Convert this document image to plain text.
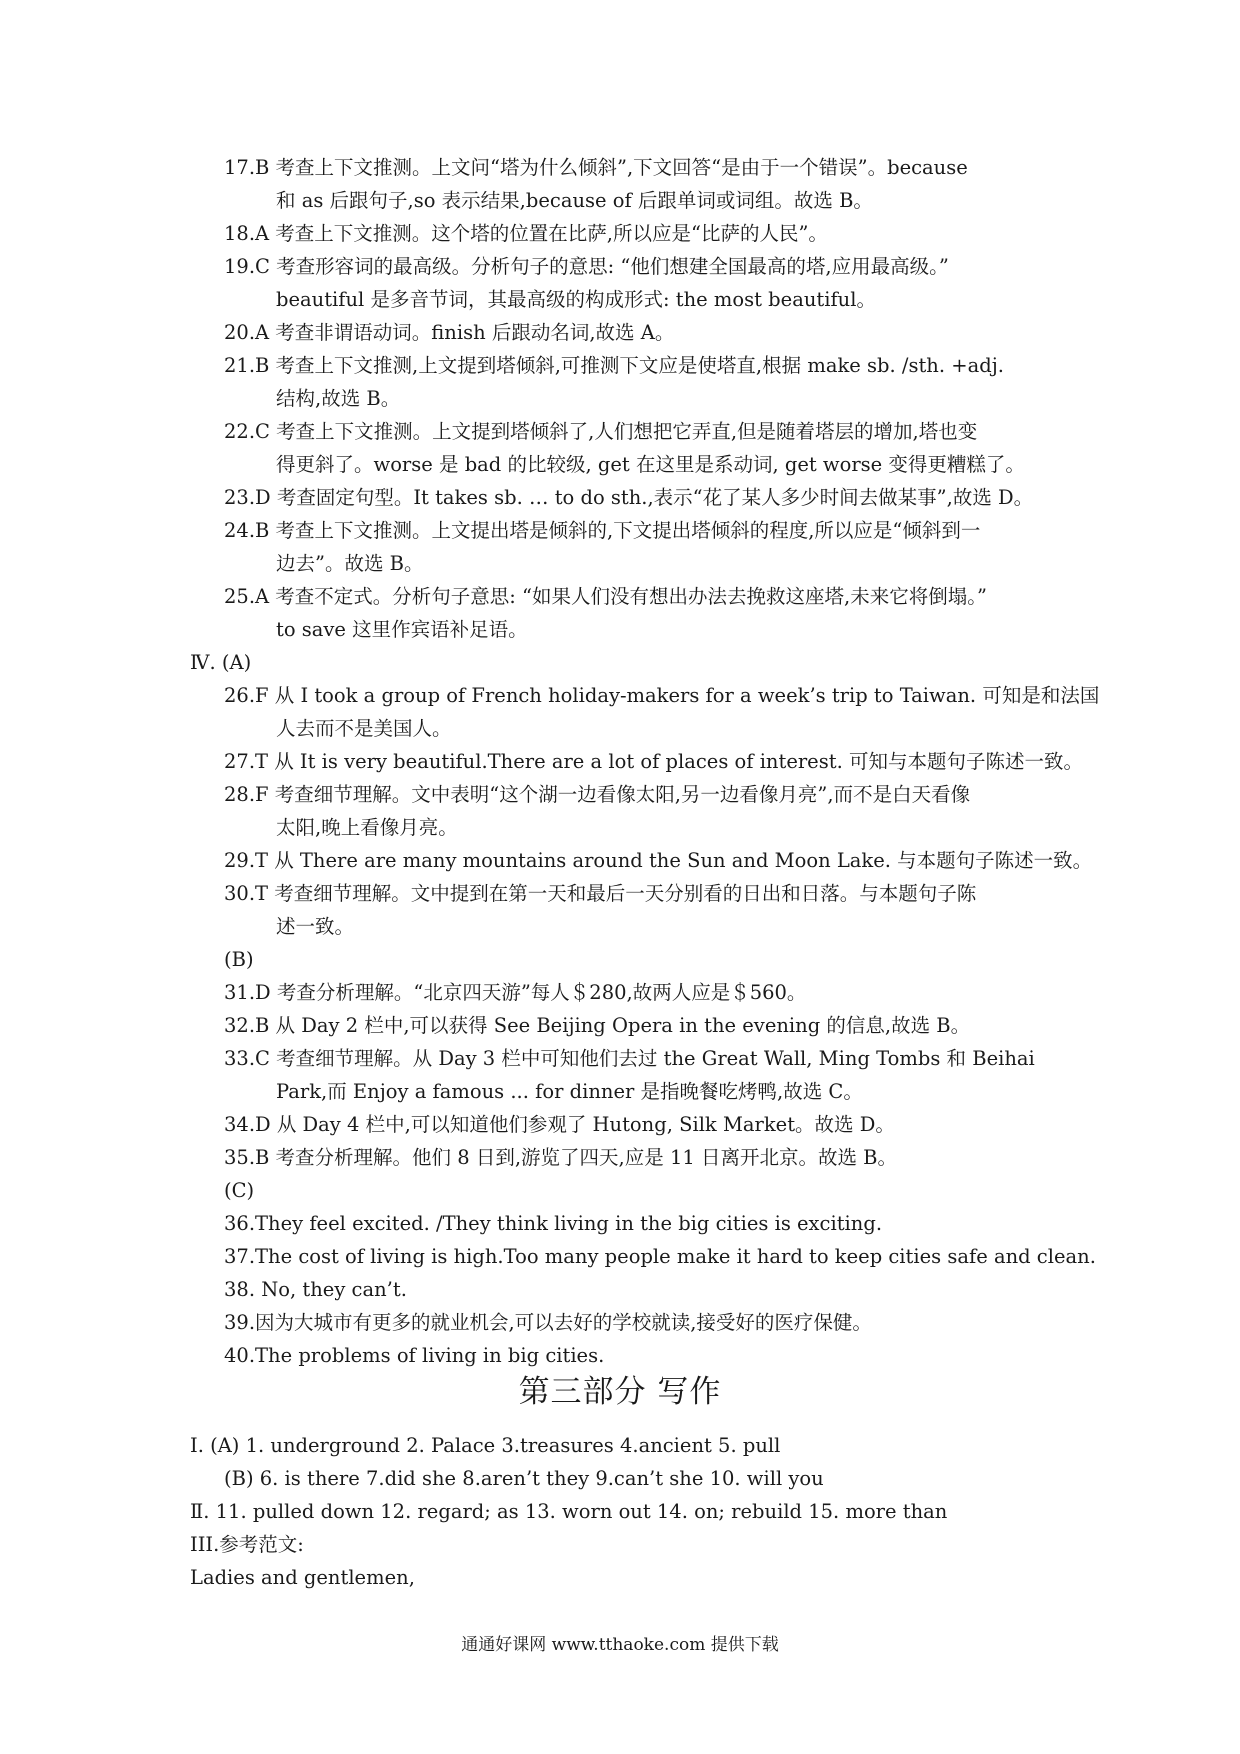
17.B 考查上下文推测。上文问“塔为什么倾斜”,下文回答“是由于一个错误”。because
和 as 后跟句子,so 表示结果,because of 后跟单词或词组。故选 B。
18.A 考查上下文推测。这个塔的位置在比萨,所以应是“比萨的人民”。
19.C 考查形容词的最高级。分析句子的意思: “他们想建全国最高的塔,应用最高级。”
beautiful 是多音节词，其最高级的构成形式: the most beautiful。
20.A 考查非谓语动词。finish 后跟动名词,故选 A。
21.B 考查上下文推测,上文提到塔倾斜,可推测下文应是使塔直,根据 make sb. /sth. +adj.
结构,故选 B。
22.C 考查上下文推测。上文提到塔倾斜了,人们想把它弄直,但是随着塔层的增加,塔也变
得更斜了。worse 是 bad 的比较级, get 在这里是系动词, get worse 变得更糟糕了。
23.D 考查固定句型。It takes sb. … to do sth.,表示“花了某人多少时间去做某事”,故选 D。
24.B 考查上下文推测。上文提出塔是倾斜的,下文提出塔倾斜的程度,所以应是“倾斜到一
边去”。故选 B。
25.A 考查不定式。分析句子意思: “如果人们没有想出办法去挽救这座塔,未来它将倒塌。”
to save 这里作宾语补足语。
Ⅳ. (A)
26.F 从 I took a group of French holiday-makers for a week’s trip to Taiwan. 可知是和法国
人去而不是美国人。
27.T 从 It is very beautiful.There are a lot of places of interest. 可知与本题句子陈述一致。
28.F 考查细节理解。文中表明“这个湖一边看像太阳,另一边看像月亮”,而不是白天看像
太阳,晚上看像月亮。
29.T 从 There are many mountains around the Sun and Moon Lake. 与本题句子陈述一致。
30.T 考查细节理解。文中提到在第一天和最后一天分别看的日出和日落。与本题句子陈
述一致。
(B)
31.D 考查分析理解。“北京四天游”每人＄280,故两人应是＄560。
32.B 从 Day 2 栏中,可以获得 See Beijing Opera in the evening 的信息,故选 B。
33.C 考查细节理解。从 Day 3 栏中可知他们去过 the Great Wall, Ming Tombs 和 Beihai
Park,而 Enjoy a famous ... for dinner 是指晚餐吃烤鸭,故选 C。
34.D 从 Day 4 栏中,可以知道他们参观了 Hutong, Silk Market。故选 D。
35.B 考查分析理解。他们 8 日到,游览了四天,应是 11 日离开北京。故选 B。
(C)
36.They feel excited. /They think living in the big cities is exciting.
37.The cost of living is high.Too many people make it hard to keep cities safe and clean.
38. No, they can’t.
39.因为大城市有更多的就业机会,可以去好的学校就读,接受好的医疗保健。
40.The problems of living in big cities.
第三部分 写作
Ⅰ. (A) 1. underground 2. Palace 3.treasures 4.ancient 5. pull
(B) 6. is there 7.did she 8.aren’t they 9.can’t she 10. will you
Ⅱ. 11. pulled down 12. regard; as 13. worn out 14. on; rebuild 15. more than
III.参考范文:
Ladies and gentlemen,
通通好课网 www.tthaoke.com 提供下载
